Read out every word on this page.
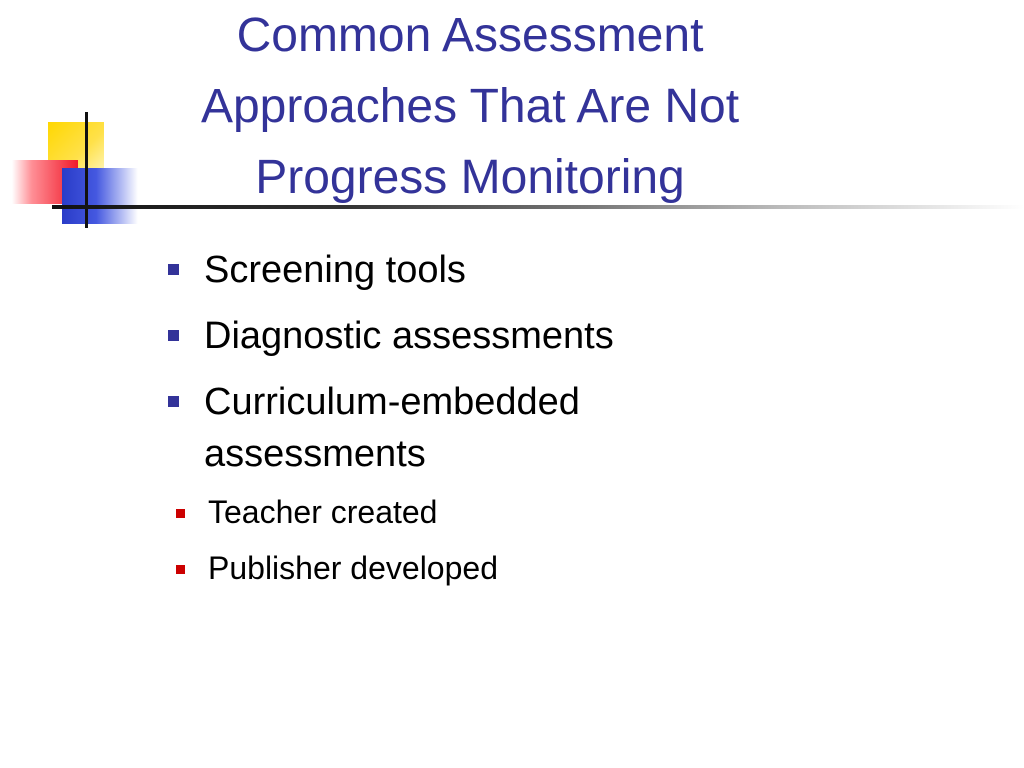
Common Assessment
Approaches That Are Not
Progress Monitoring
Screening tools
Diagnostic assessments
Curriculum-embedded
assessments
Teacher created
Publisher developed
